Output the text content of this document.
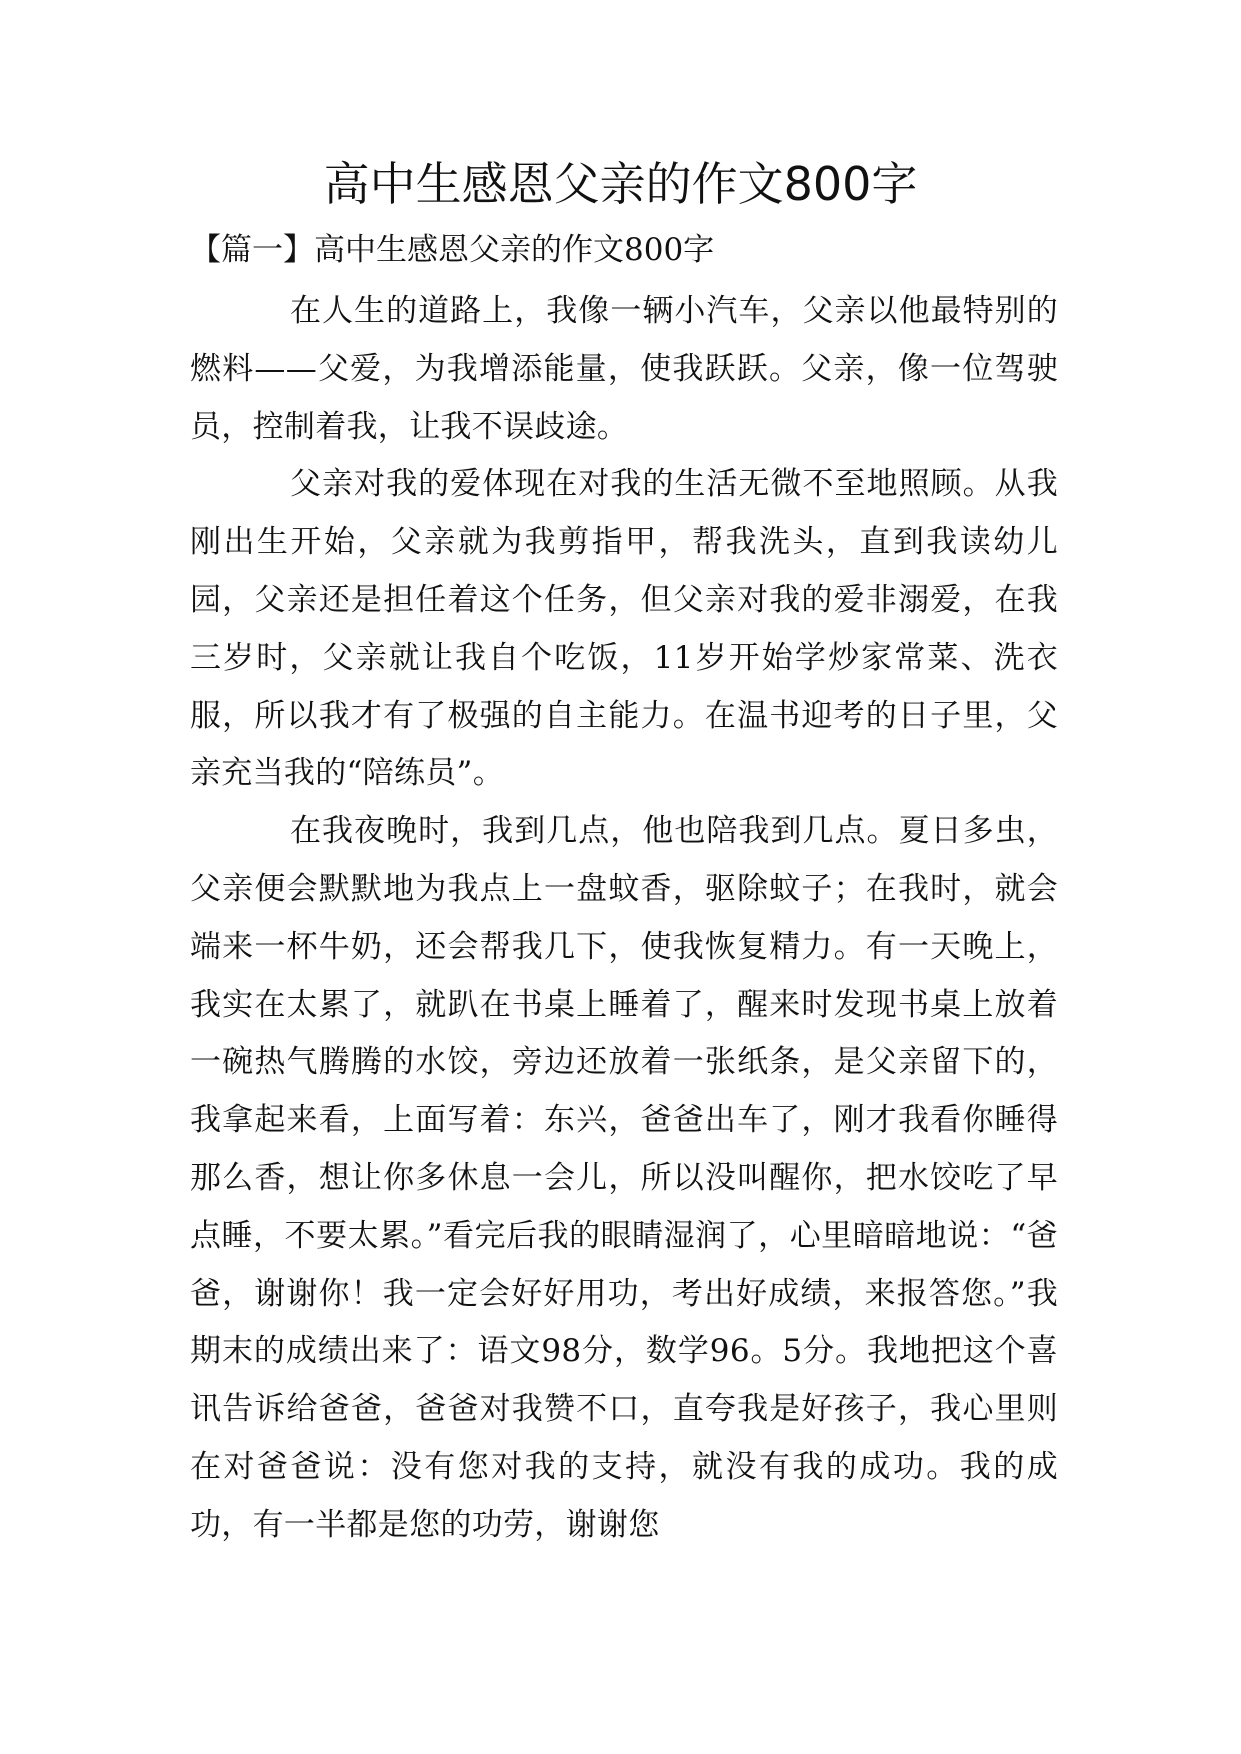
高中生感恩父亲的作文800字
【篇一】高中生感恩父亲的作文800字

在人生的道路上，我像一辆小汽车，父亲以他最特别的燃料——父爱，为我增添能量，使我跃跃。父亲，像一位驾驶员，控制着我，让我不误歧途。

父亲对我的爱体现在对我的生活无微不至地照顾。从我刚出生开始，父亲就为我剪指甲，帮我洗头，直到我读幼儿园，父亲还是担任着这个任务，但父亲对我的爱非溺爱，在我三岁时，父亲就让我自个吃饭，11岁开始学炒家常菜、洗衣服，所以我才有了极强的自主能力。在温书迎考的日子里，父亲充当我的“陪练员”。

在我夜晚时，我到几点，他也陪我到几点。夏日多虫，父亲便会默默地为我点上一盘蚊香，驱除蚊子；在我时，就会端来一杯牛奶，还会帮我几下，使我恢复精力。有一天晚上，我实在太累了，就趴在书桌上睡着了，醒来时发现书桌上放着一碗热气腾腾的水饺，旁边还放着一张纸条，是父亲留下的，我拿起来看，上面写着：东兴，爸爸出车了，刚才我看你睡得那么香，想让你多休息一会儿，所以没叫醒你，把水饺吃了早点睡，不要太累。”看完后我的眼睛湿润了，心里暗暗地说：“爸爸，谢谢你！我一定会好好用功，考出好成绩，来报答您。”我期末的成绩出来了：语文98分，数学96。5分。我地把这个喜讯告诉给爸爸，爸爸对我赞不口，直夸我是好孩子，我心里则在对爸爸说：没有您对我的支持，就没有我的成功。我的成功，有一半都是您的功劳，谢谢您
